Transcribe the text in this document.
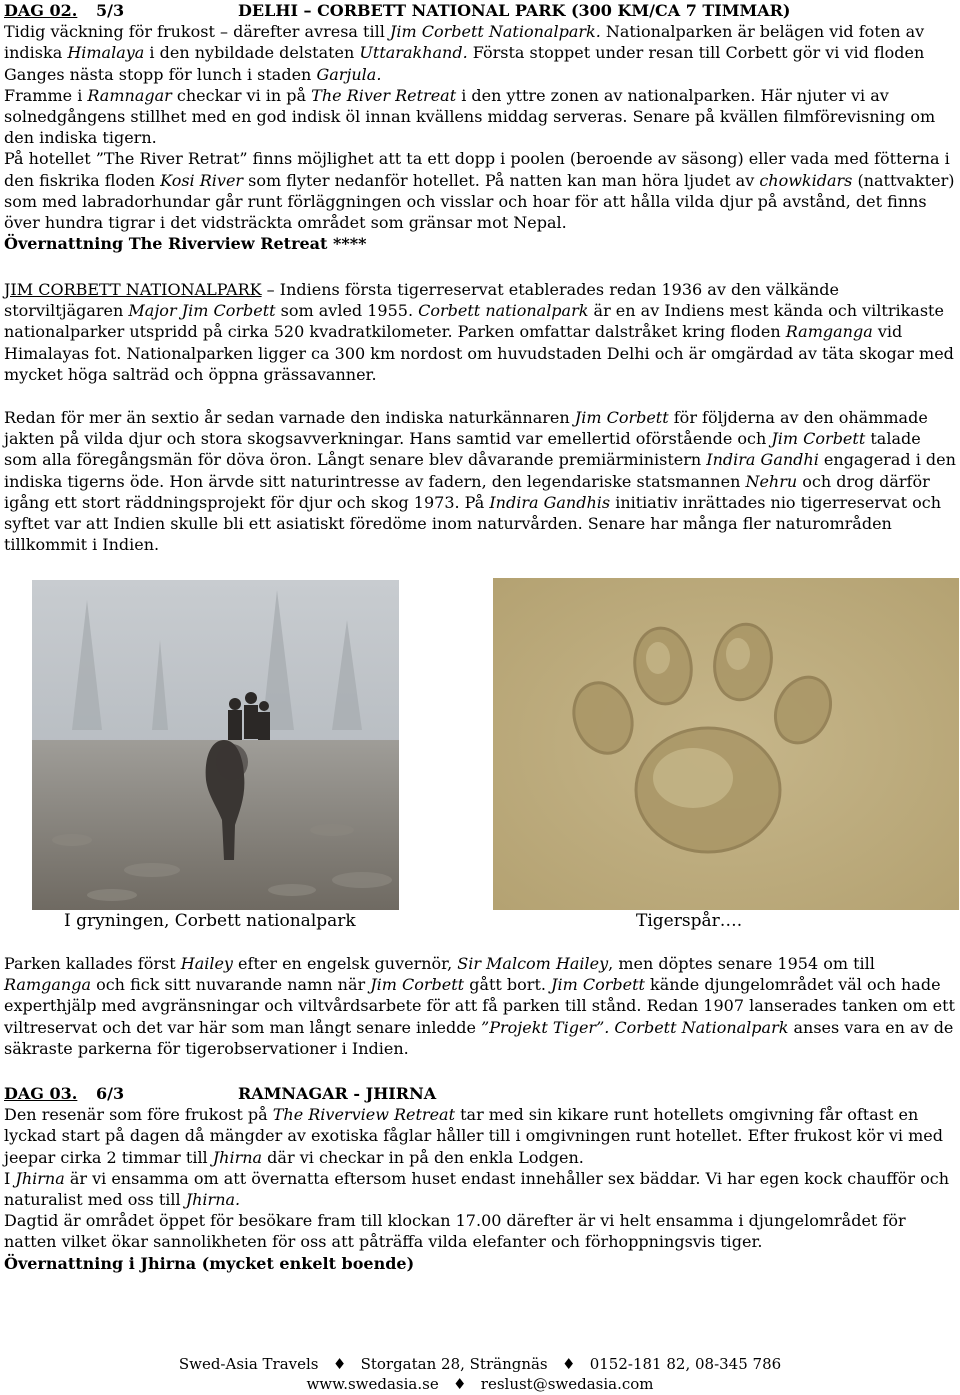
DAG 02.	5/3	DELHI – CORBETT NATIONAL PARK (300 KM/CA 7 TIMMAR)

Tidig väckning för frukost – därefter avresa till Jim Corbett Nationalpark. Nationalparken är belägen vid foten av indiska Himalaya i den nybildade delstaten Uttarakhand. Första stoppet under resan till Corbett gör vi vid floden Ganges nästa stopp för lunch i staden Garjula.

Framme i Ramnagar checkar vi in på The River Retreat i den yttre zonen av nationalparken. Här njuter vi av solnedgångens stillhet med en god indisk öl innan kvällens middag serveras. Senare på kvällen filmförevisning om den indiska tigern.

På hotellet ”The River Retrat” finns möjlighet att ta ett dopp i poolen (beroende av säsong) eller vada med fötterna i den fiskrika floden Kosi River som flyter nedanför hotellet. På natten kan man höra ljudet av chowkidars (nattvakter) som med labradorhundar går runt förläggningen och visslar och hoar för att hålla vilda djur på avstånd, det finns över hundra tigrar i det vidsträckta området som gränsar mot Nepal.

Övernattning The Riverview Retreat ****

JIM CORBETT NATIONALPARK – Indiens första tigerreservat etablerades redan 1936 av den välkände storviltjägaren Major Jim Corbett som avled 1955. Corbett nationalpark är en av Indiens mest kända och viltrikaste nationalparker utspridd på cirka 520 kvadratkilometer. Parken omfattar dalstråket kring floden Ramganga vid Himalayas fot. Nationalparken ligger ca 300 km nordost om huvudstaden Delhi och är omgärdad av täta skogar med mycket höga salträd och öppna grässavanner.

Redan för mer än sextio år sedan varnade den indiska naturkännaren Jim Corbett för följderna av den ohämmade jakten på vilda djur och stora skogsavverkningar. Hans samtid var emellertid oförstående och Jim Corbett talade som alla föregångsmän för döva öron. Långt senare blev dåvarande premiärministern Indira Gandhi engagerad i den indiska tigerns öde. Hon ärvde sitt naturintresse av fadern, den legendariske statsmannen Nehru och drog därför igång ett stort räddningsprojekt för djur och skog 1973. På Indira Gandhis initiativ inrättades nio tigerreservat och syftet var att Indien skulle bli ett asiatiskt föredöme inom naturvården. Senare har många fler naturområden tillkommit i Indien.

I gryningen, Corbett nationalpark	Tigerspår….

Parken kallades först Hailey efter en engelsk guvernör, Sir Malcom Hailey, men döptes senare 1954 om till Ramganga och fick sitt nuvarande namn när Jim Corbett gått bort. Jim Corbett kände djungelområdet väl och hade experthjälp med avgränsningar och viltvårdsarbete för att få parken till stånd. Redan 1907 lanserades tanken om ett viltreservat och det var här som man långt senare inledde ”Projekt Tiger”. Corbett Nationalpark anses vara en av de säkraste parkerna för tigerobservationer i Indien.

DAG 03.	6/3	RAMNAGAR - JHIRNA

Den resenär som före frukost på The Riverview Retreat tar med sin kikare runt hotellets omgivning får oftast en lyckad start på dagen då mängder av exotiska fåglar håller till i omgivningen runt hotellet. Efter frukost kör vi med jeepar cirka 2 timmar till Jhirna där vi checkar in på den enkla Lodgen.

I Jhirna är vi ensamma om att övernatta eftersom huset endast innehåller sex bäddar. Vi har egen kock chaufför och naturalist med oss till Jhirna.

Dagtid är området öppet för besökare fram till klockan 17.00 därefter är vi helt ensamma i djungelområdet för natten vilket ökar sannolikheten för oss att påträffa vilda elefanter och förhoppningsvis tiger.

Övernattning i Jhirna (mycket enkelt boende)

Swed-Asia Travels ♦ Storgatan 28, Strängnäs ♦ 0152-181 82, 08-345 786
www.swedasia.se ♦ reslust@swedasia.com
